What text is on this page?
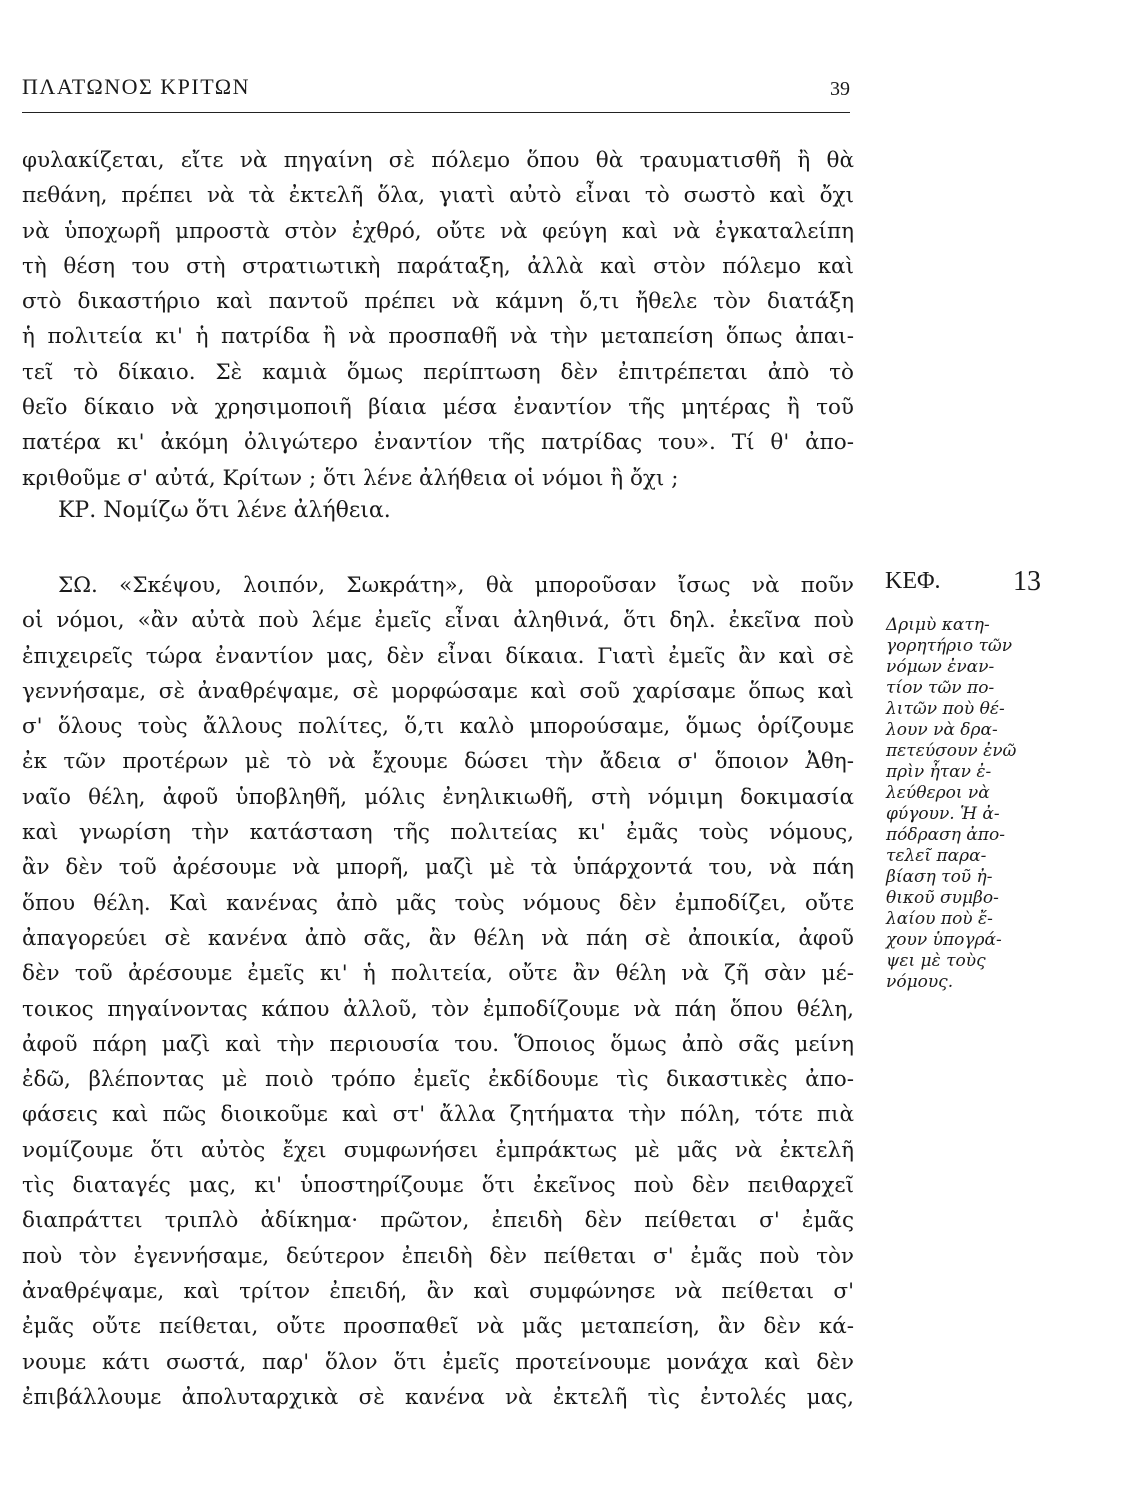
ΠΛΑΤΩΝΟΣ ΚΡΙΤΩΝ	39
φυλακίζεται, εἴτε νὰ πηγαίνη σὲ πόλεμο ὅπου θὰ τραυματισθῆ ἢ θὰ
πεθάνη, πρέπει νὰ τὰ ἐκτελῆ ὅλα, γιατὶ αὐτὸ εἶναι τὸ σωστὸ καὶ ὄχι
νὰ ὑποχωρῆ μπροστὰ στὸν ἐχθρό, οὔτε νὰ φεύγη καὶ νὰ ἐγκαταλείπη
τὴ θέση του στὴ στρατιωτικὴ παράταξη, ἀλλὰ καὶ στὸν πόλεμο καὶ
στὸ δικαστήριο καὶ παντοῦ πρέπει νὰ κάμνη ὅ,τι ἤθελε τὸν διατάξη
ἡ πολιτεία κι' ἡ πατρίδα ἢ νὰ προσπαθῆ νὰ τὴν μεταπείση ὅπως ἀπαι-
τεῖ τὸ δίκαιο. Σὲ καμιὰ ὅμως περίπτωση δὲν ἐπιτρέπεται ἀπὸ τὸ
θεῖο δίκαιο νὰ χρησιμοποιῆ βίαια μέσα ἐναντίον τῆς μητέρας ἢ τοῦ
πατέρα κι' ἀκόμη ὀλιγώτερο ἐναντίον τῆς πατρίδας του». Τί θ' ἀπο-
κριθοῦμε σ' αὐτά, Κρίτων ; ὅτι λένε ἀλήθεια οἱ νόμοι ἢ ὄχι ;
ΚΡ. Νομίζω ὅτι λένε ἀλήθεια.
ΣΩ. «Σκέψου, λοιπόν, Σωκράτη», θὰ μποροῦσαν ἴσως νὰ ποῦν
οἱ νόμοι, «ἂν αὐτὰ ποὺ λέμε ἐμεῖς εἶναι ἀληθινά, ὅτι δηλ. ἐκεῖνα ποὺ
ἐπιχειρεῖς τώρα ἐναντίον μας, δὲν εἶναι δίκαια. Γιατὶ ἐμεῖς ἂν καὶ σὲ
γεννήσαμε, σὲ ἀναθρέψαμε, σὲ μορφώσαμε καὶ σοῦ χαρίσαμε ὅπως καὶ
σ' ὅλους τοὺς ἄλλους πολίτες, ὅ,τι καλὸ μπορούσαμε, ὅμως ὁρίζουμε
ἐκ τῶν προτέρων μὲ τὸ νὰ ἔχουμε δώσει τὴν ἄδεια σ' ὅποιον Ἀθη-
ναῖο θέλη, ἀφοῦ ὑποβληθῆ, μόλις ἐνηλικιωθῆ, στὴ νόμιμη δοκιμασία
καὶ γνωρίση τὴν κατάσταση τῆς πολιτείας κι' ἐμᾶς τοὺς νόμους,
ἂν δὲν τοῦ ἀρέσουμε νὰ μπορῆ, μαζὶ μὲ τὰ ὑπάρχοντά του, νὰ πάη
ὅπου θέλη. Καὶ κανένας ἀπὸ μᾶς τοὺς νόμους δὲν ἐμποδίζει, οὔτε
ἀπαγορεύει σὲ κανένα ἀπὸ σᾶς, ἂν θέλη νὰ πάη σὲ ἀποικία, ἀφοῦ
δὲν τοῦ ἀρέσουμε ἐμεῖς κι' ἡ πολιτεία, οὔτε ἂν θέλη νὰ ζῆ σὰν μέ-
τοικος πηγαίνοντας κάπου ἀλλοῦ, τὸν ἐμποδίζουμε νὰ πάη ὅπου θέλη,
ἀφοῦ πάρη μαζὶ καὶ τὴν περιουσία του. Ὅποιος ὅμως ἀπὸ σᾶς μείνη
ἐδῶ, βλέποντας μὲ ποιὸ τρόπο ἐμεῖς ἐκδίδουμε τὶς δικαστικὲς ἀπο-
φάσεις καὶ πῶς διοικοῦμε καὶ στ' ἄλλα ζητήματα τὴν πόλη, τότε πιὰ
νομίζουμε ὅτι αὐτὸς ἔχει συμφωνήσει ἐμπράκτως μὲ μᾶς νὰ ἐκτελῆ
τὶς διαταγές μας, κι' ὑποστηρίζουμε ὅτι ἐκεῖνος ποὺ δὲν πειθαρχεῖ
διαπράττει τριπλὸ ἀδίκημα· πρῶτον, ἐπειδὴ δὲν πείθεται σ' ἐμᾶς
ποὺ τὸν ἐγεννήσαμε, δεύτερον ἐπειδὴ δὲν πείθεται σ' ἐμᾶς ποὺ τὸν
ἀναθρέψαμε, καὶ τρίτον ἐπειδή, ἂν καὶ συμφώνησε νὰ πείθεται σ'
ἐμᾶς οὔτε πείθεται, οὔτε προσπαθεῖ νὰ μᾶς μεταπείση, ἂν δὲν κά-
νουμε κάτι σωστά, παρ' ὅλον ὅτι ἐμεῖς προτείνουμε μονάχα καὶ δὲν
ἐπιβάλλουμε ἀπολυταρχικὰ σὲ κανένα νὰ ἐκτελῆ τὶς ἐντολές μας,
ΚΕΦ.	13
Δριμὺ κατη-
γορητήριο τῶν
νόμων ἐναν-
τίον τῶν πο-
λιτῶν ποὺ θέ-
λουν νὰ δρα-
πετεύσουν ἐνῶ
πρὶν ἦταν ἐ-
λεύθεροι νὰ
φύγουν. Ἡ ἀ-
πόδραση ἀπο-
τελεῖ παρα-
βίαση τοῦ ἠ-
θικοῦ συμβο-
λαίου ποὺ ἔ-
χουν ὑπογρά-
ψει μὲ τοὺς
νόμους.
